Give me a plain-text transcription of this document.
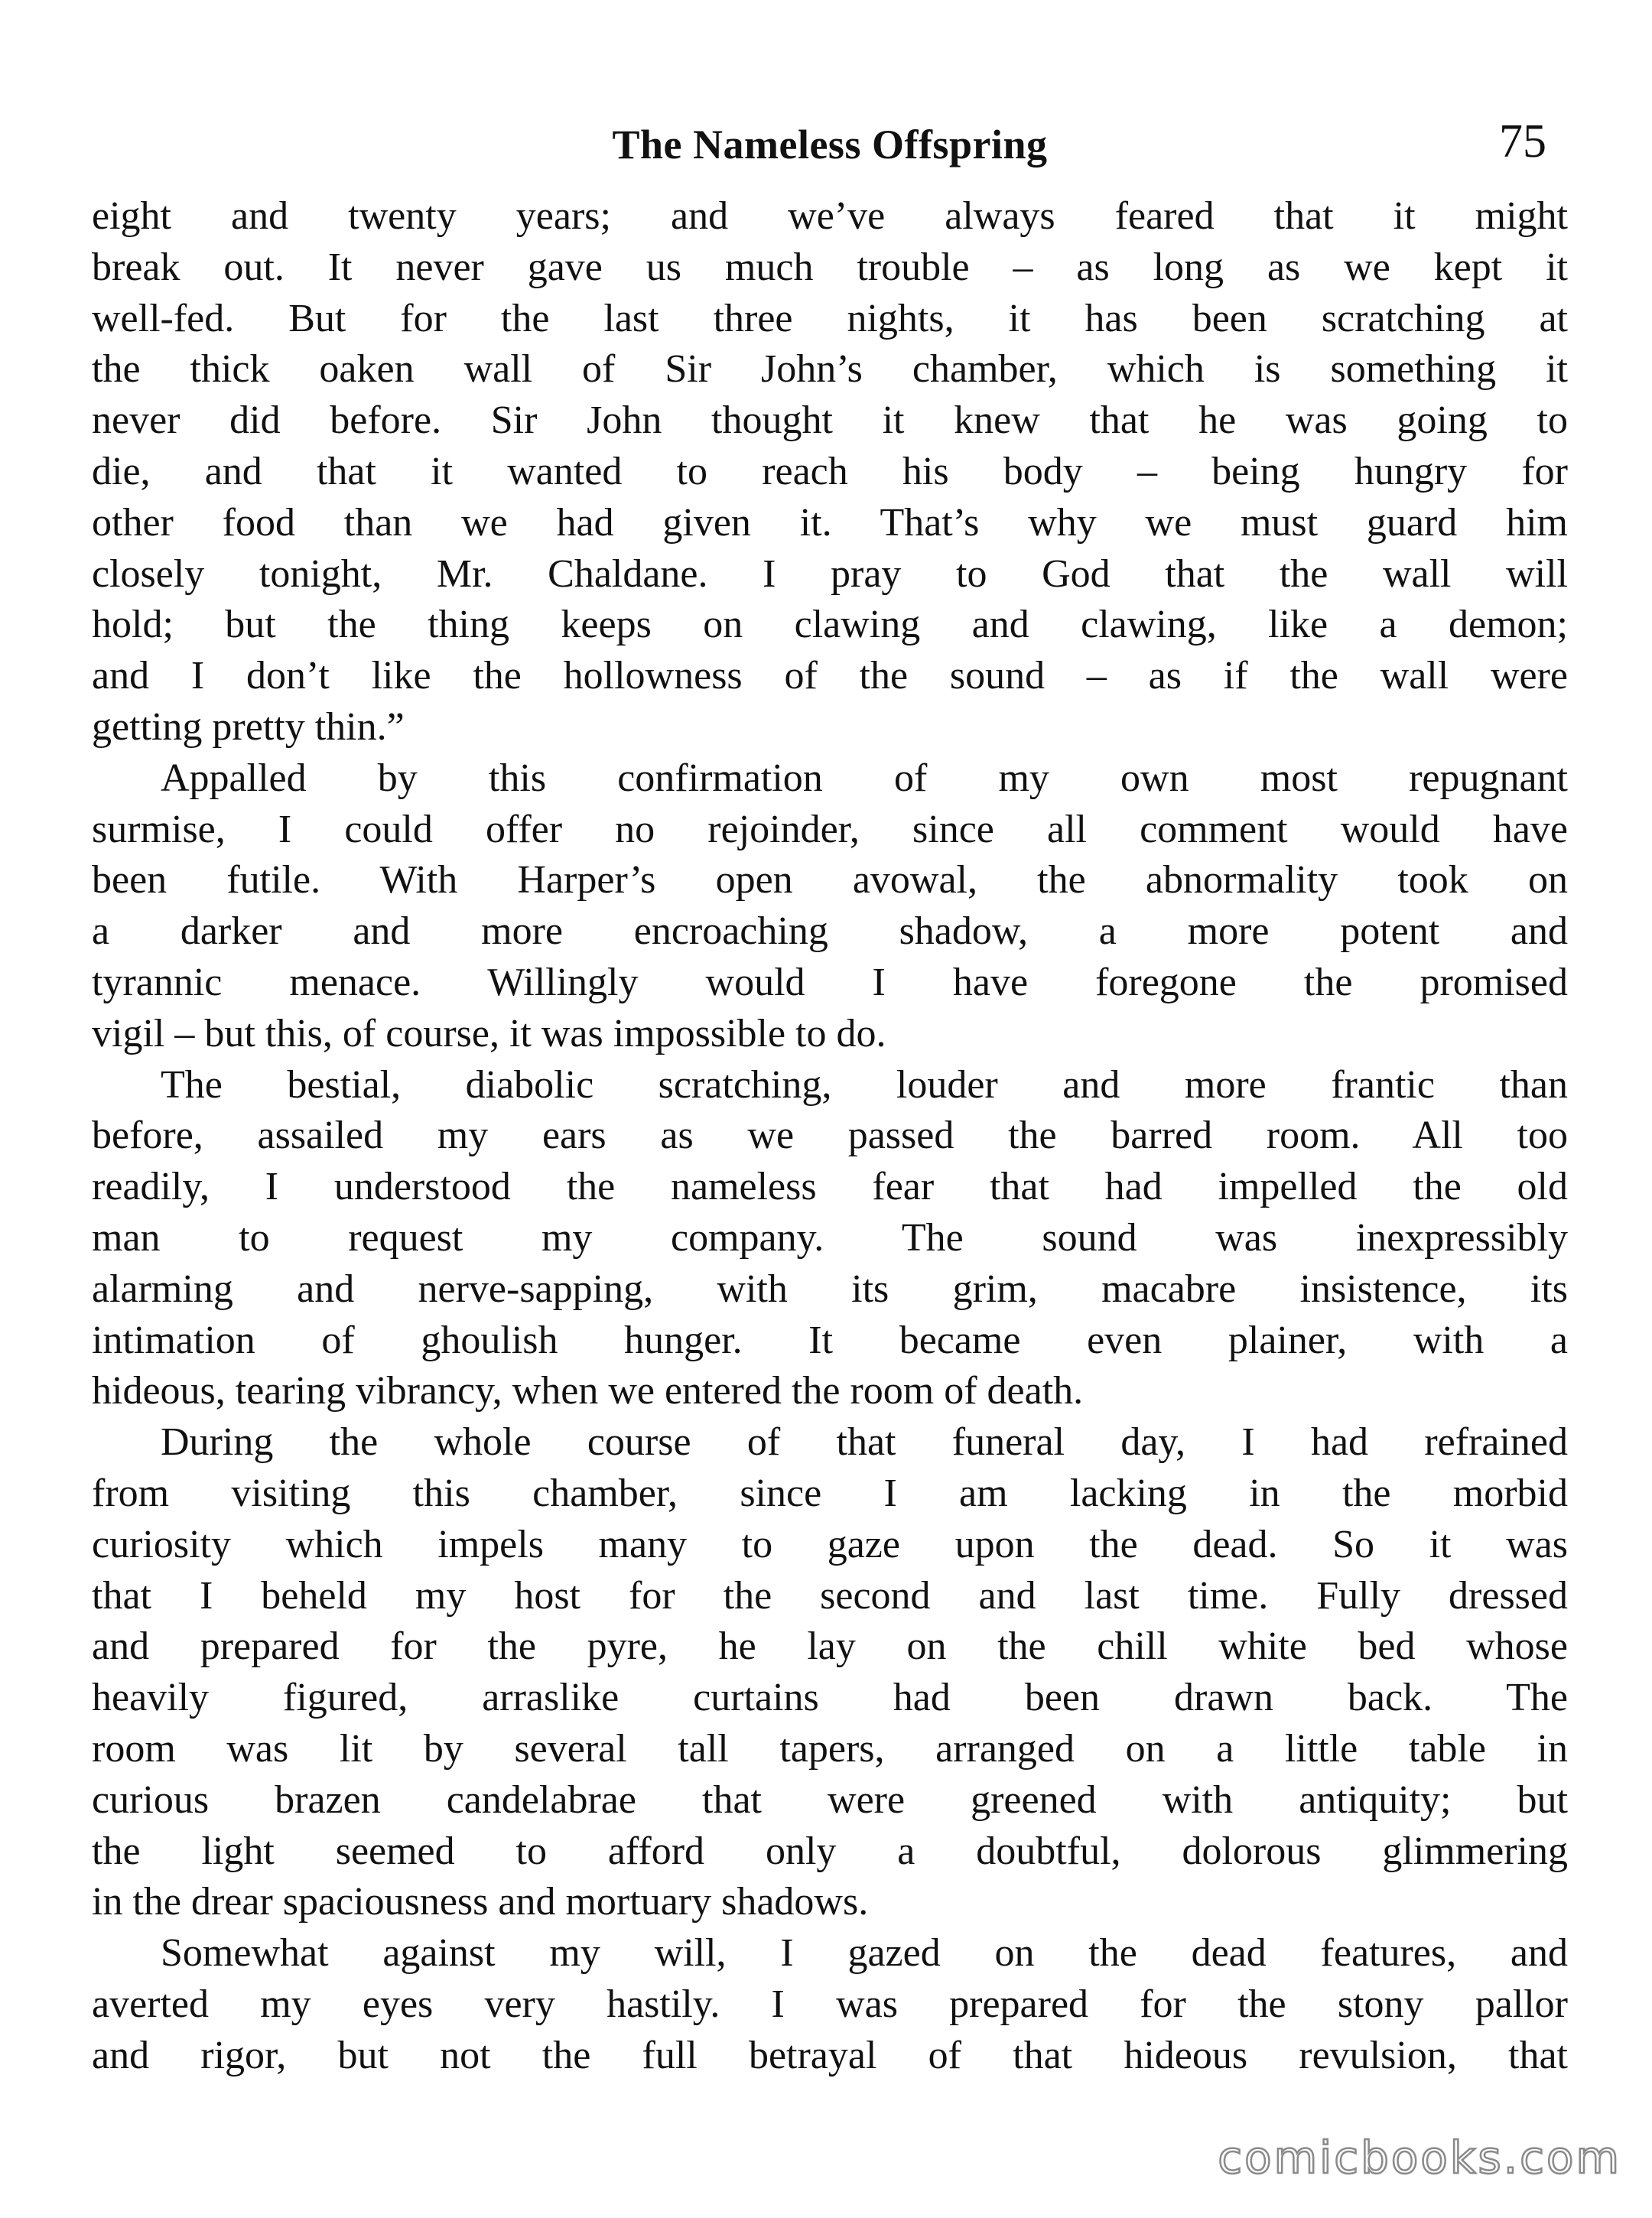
The Nameless Offspring	75
eight and twenty years; and we’ve always feared that it might
break out. It never gave us much trouble – as long as we kept it
well-fed. But for the last three nights, it has been scratching at
the thick oaken wall of Sir John’s chamber, which is something it
never did before. Sir John thought it knew that he was going to
die, and that it wanted to reach his body – being hungry for
other food than we had given it. That’s why we must guard him
closely tonight, Mr. Chaldane. I pray to God that the wall will
hold; but the thing keeps on clawing and clawing, like a demon;
and I don’t like the hollowness of the sound – as if the wall were
getting pretty thin.”
Appalled by this confirmation of my own most repugnant
surmise, I could offer no rejoinder, since all comment would have
been futile. With Harper’s open avowal, the abnormality took on
a darker and more encroaching shadow, a more potent and
tyrannic menace. Willingly would I have foregone the promised
vigil – but this, of course, it was impossible to do.
The bestial, diabolic scratching, louder and more frantic than
before, assailed my ears as we passed the barred room. All too
readily, I understood the nameless fear that had impelled the old
man to request my company. The sound was inexpressibly
alarming and nerve-sapping, with its grim, macabre insistence, its
intimation of ghoulish hunger. It became even plainer, with a
hideous, tearing vibrancy, when we entered the room of death.
During the whole course of that funeral day, I had refrained
from visiting this chamber, since I am lacking in the morbid
curiosity which impels many to gaze upon the dead. So it was
that I beheld my host for the second and last time. Fully dressed
and prepared for the pyre, he lay on the chill white bed whose
heavily figured, arraslike curtains had been drawn back. The
room was lit by several tall tapers, arranged on a little table in
curious brazen candelabrae that were greened with antiquity; but
the light seemed to afford only a doubtful, dolorous glimmering
in the drear spaciousness and mortuary shadows.
Somewhat against my will, I gazed on the dead features, and
averted my eyes very hastily. I was prepared for the stony pallor
and rigor, but not the full betrayal of that hideous revulsion, that
comicbooks.com
